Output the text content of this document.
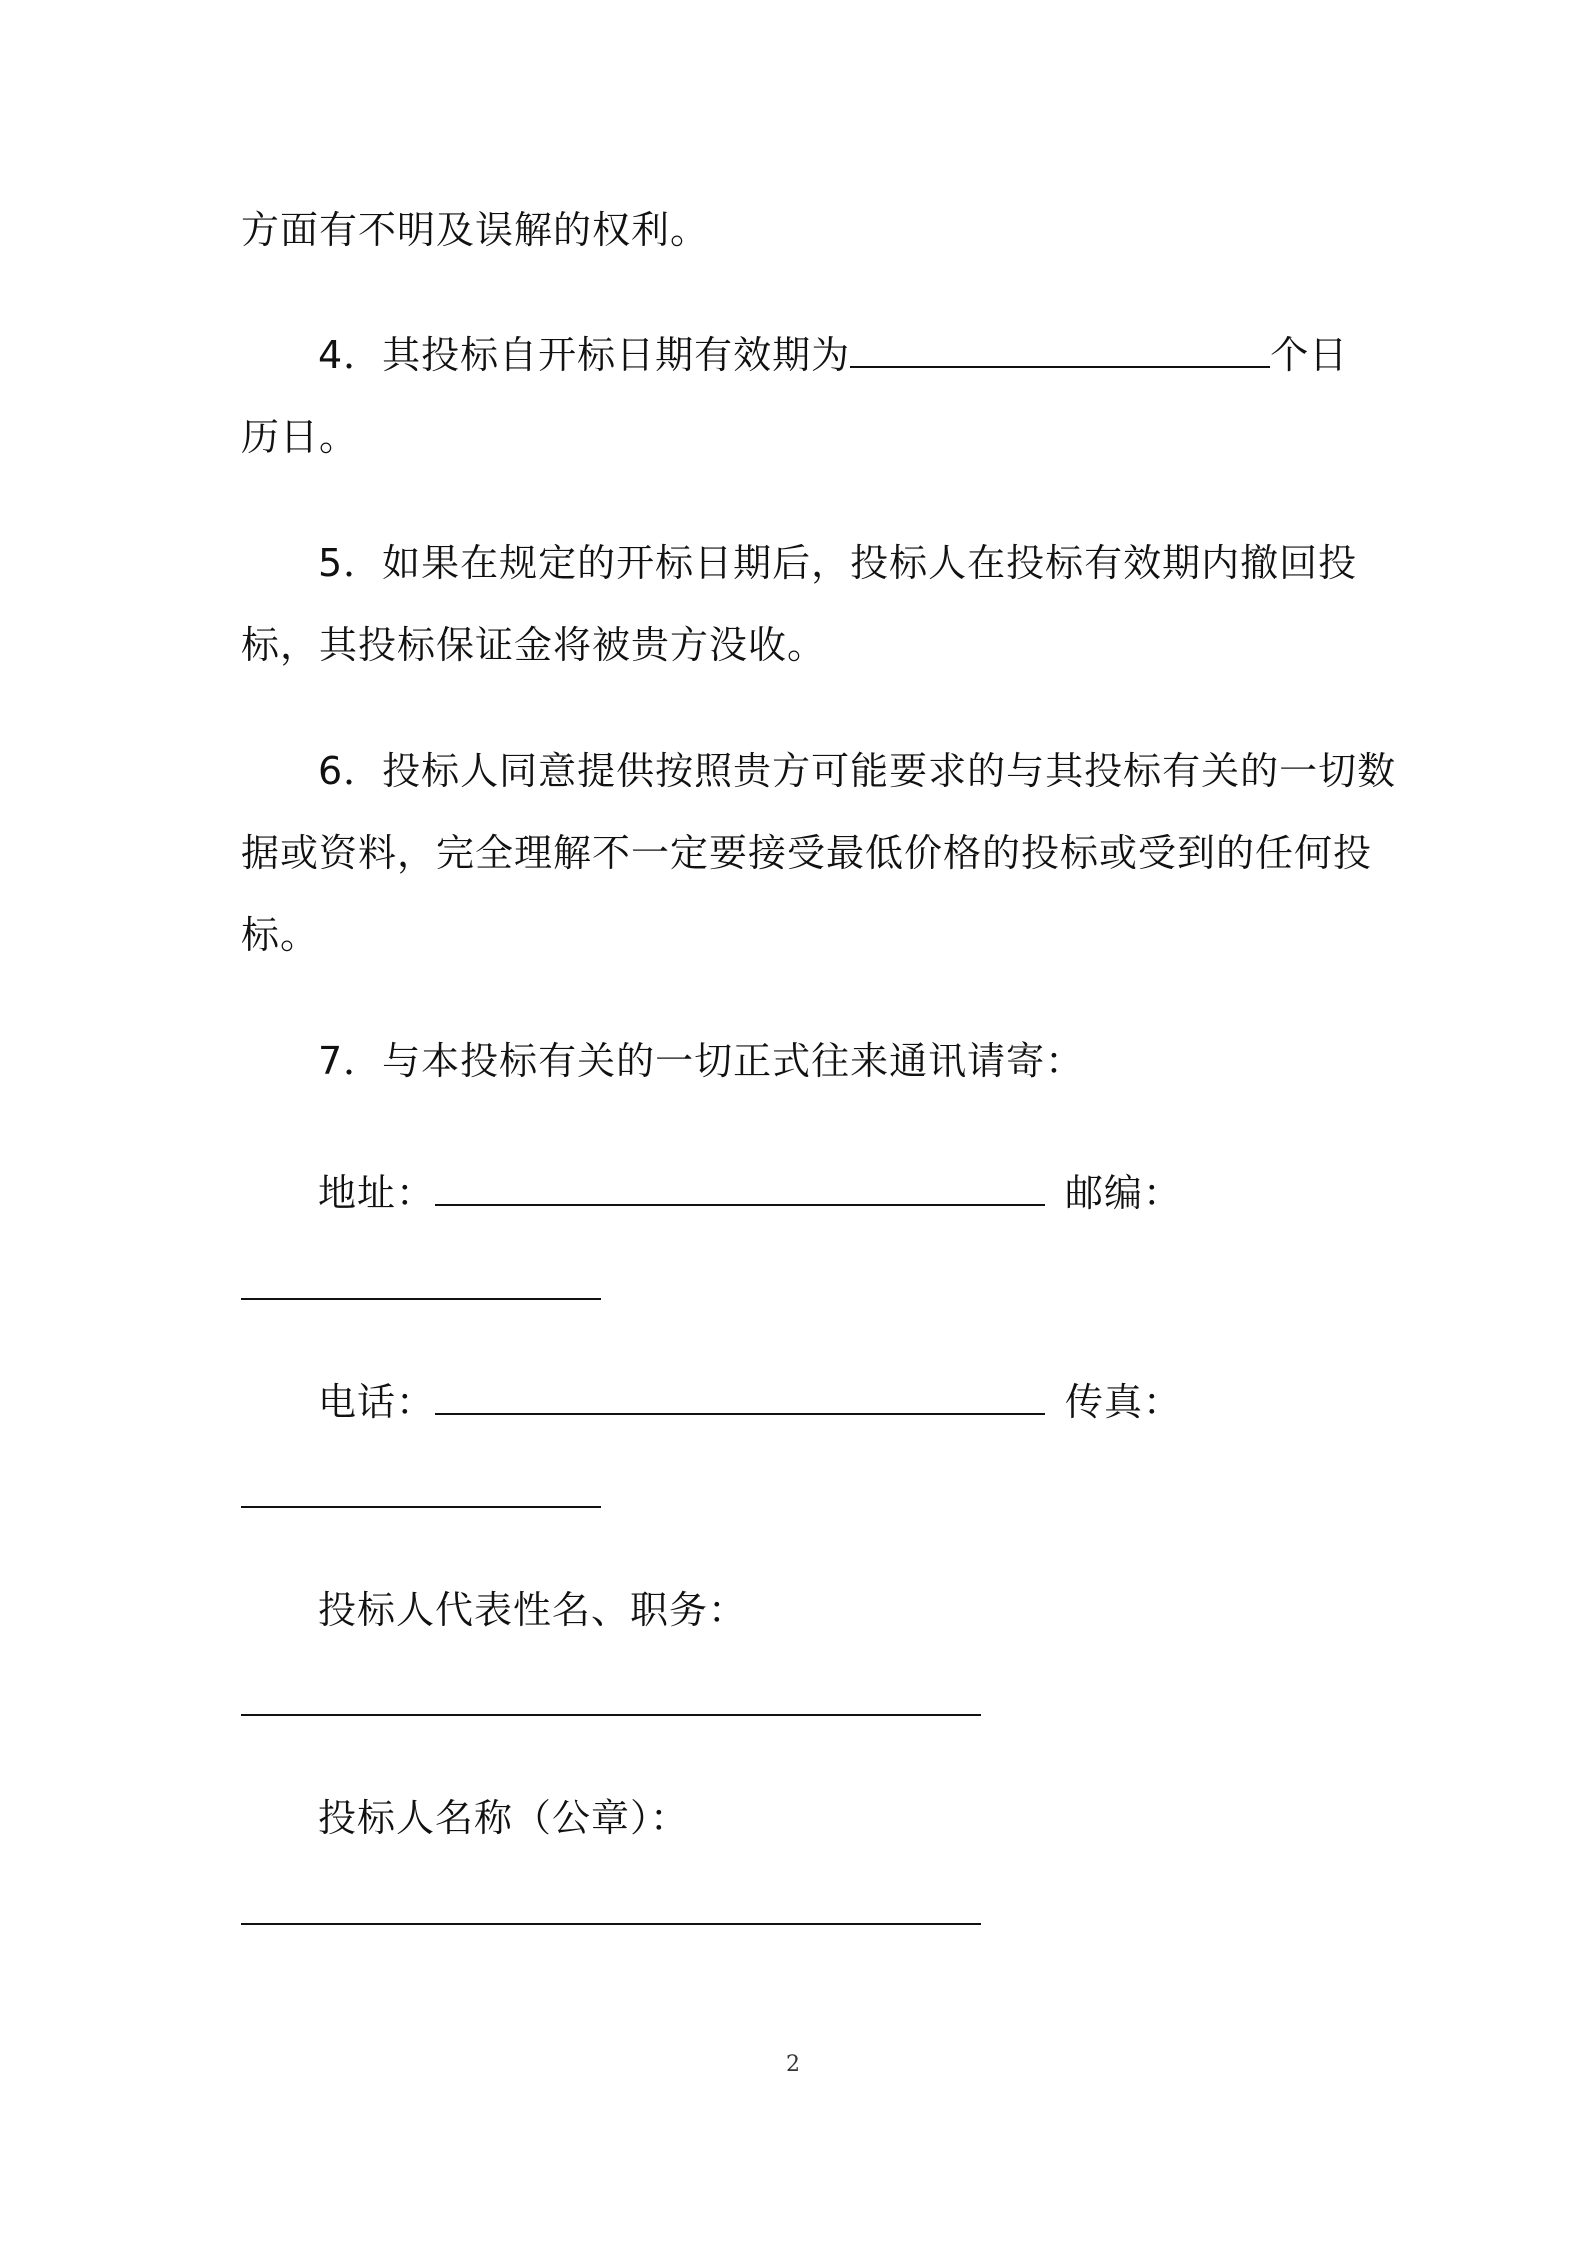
方面有不明及误解的权利。
4．其投标自开标日期有效期为	个日
历日。
5．如果在规定的开标日期后，投标人在投标有效期内撤回投
标，其投标保证金将被贵方没收。
6．投标人同意提供按照贵方可能要求的与其投标有关的一切数
据或资料，完全理解不一定要接受最低价格的投标或受到的任何投
标。
7．与本投标有关的一切正式往来通讯请寄：
地址：	邮编：
电话：	传真：
投标人代表性名、职务：
投标人名称（公章）：
2
